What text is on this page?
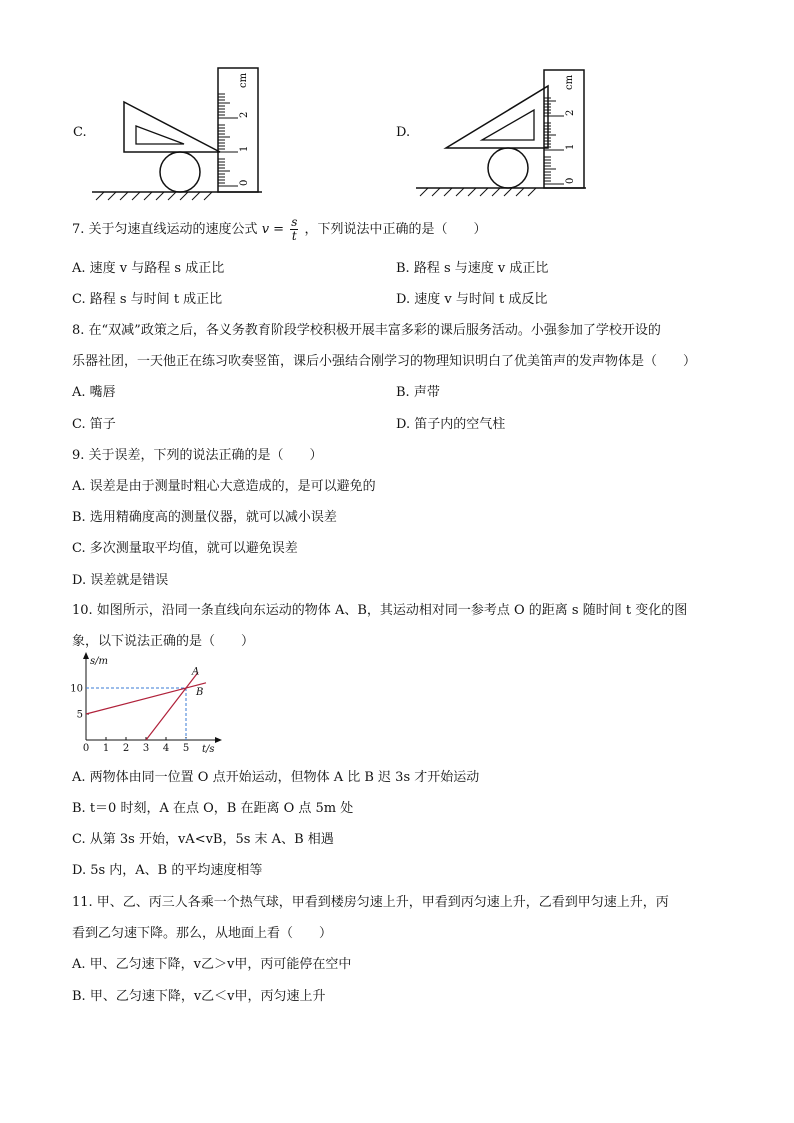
C.
0
1
2
cm
D.
0
1
2
cm
7. 关于匀速直线运动的速度公式 $v = \frac{s}{t}$ ，下列说法中正确的是（　　）
A. 速度 v 与路程 s 成正比	B. 路程 s 与速度 v 成正比
C. 路程 s 与时间 t 成正比	D. 速度 v 与时间 t 成反比
8. 在“双减”政策之后，各义务教育阶段学校积极开展丰富多彩的课后服务活动。小强参加了学校开设的
乐器社团，一天他正在练习吹奏竖笛，课后小强结合刚学习的物理知识明白了优美笛声的发声物体是（　　）
A. 嘴唇	B. 声带
C. 笛子	D. 笛子内的空气柱
9. 关于误差，下列的说法正确的是（　　）
A. 误差是由于测量时粗心大意造成的，是可以避免的
B. 选用精确度高的测量仪器，就可以减小误差
C. 多次测量取平均值，就可以避免误差
D. 误差就是错误
10. 如图所示，沿同一条直线向东运动的物体 A、B，其运动相对同一参考点 O 的距离 s 随时间 t 变化的图
象，以下说法正确的是（　　）
0 1 2 3 4 5
5
10
A
B
s/m
t/s
A. 两物体由同一位置 O 点开始运动，但物体 A 比 B 迟 3s 才开始运动
B. t＝0 时刻，A 在点 O，B 在距离 O 点 5m 处
C. 从第 3s 开始，vA<vB，5s 末 A、B 相遇
D. 5s 内，A、B 的平均速度相等
11. 甲、乙、丙三人各乘一个热气球，甲看到楼房匀速上升，甲看到丙匀速上升，乙看到甲匀速上升，丙
看到乙匀速下降。那么，从地面上看（　　）
A. 甲、乙匀速下降，v乙＞v甲，丙可能停在空中
B. 甲、乙匀速下降，v乙＜v甲，丙匀速上升
